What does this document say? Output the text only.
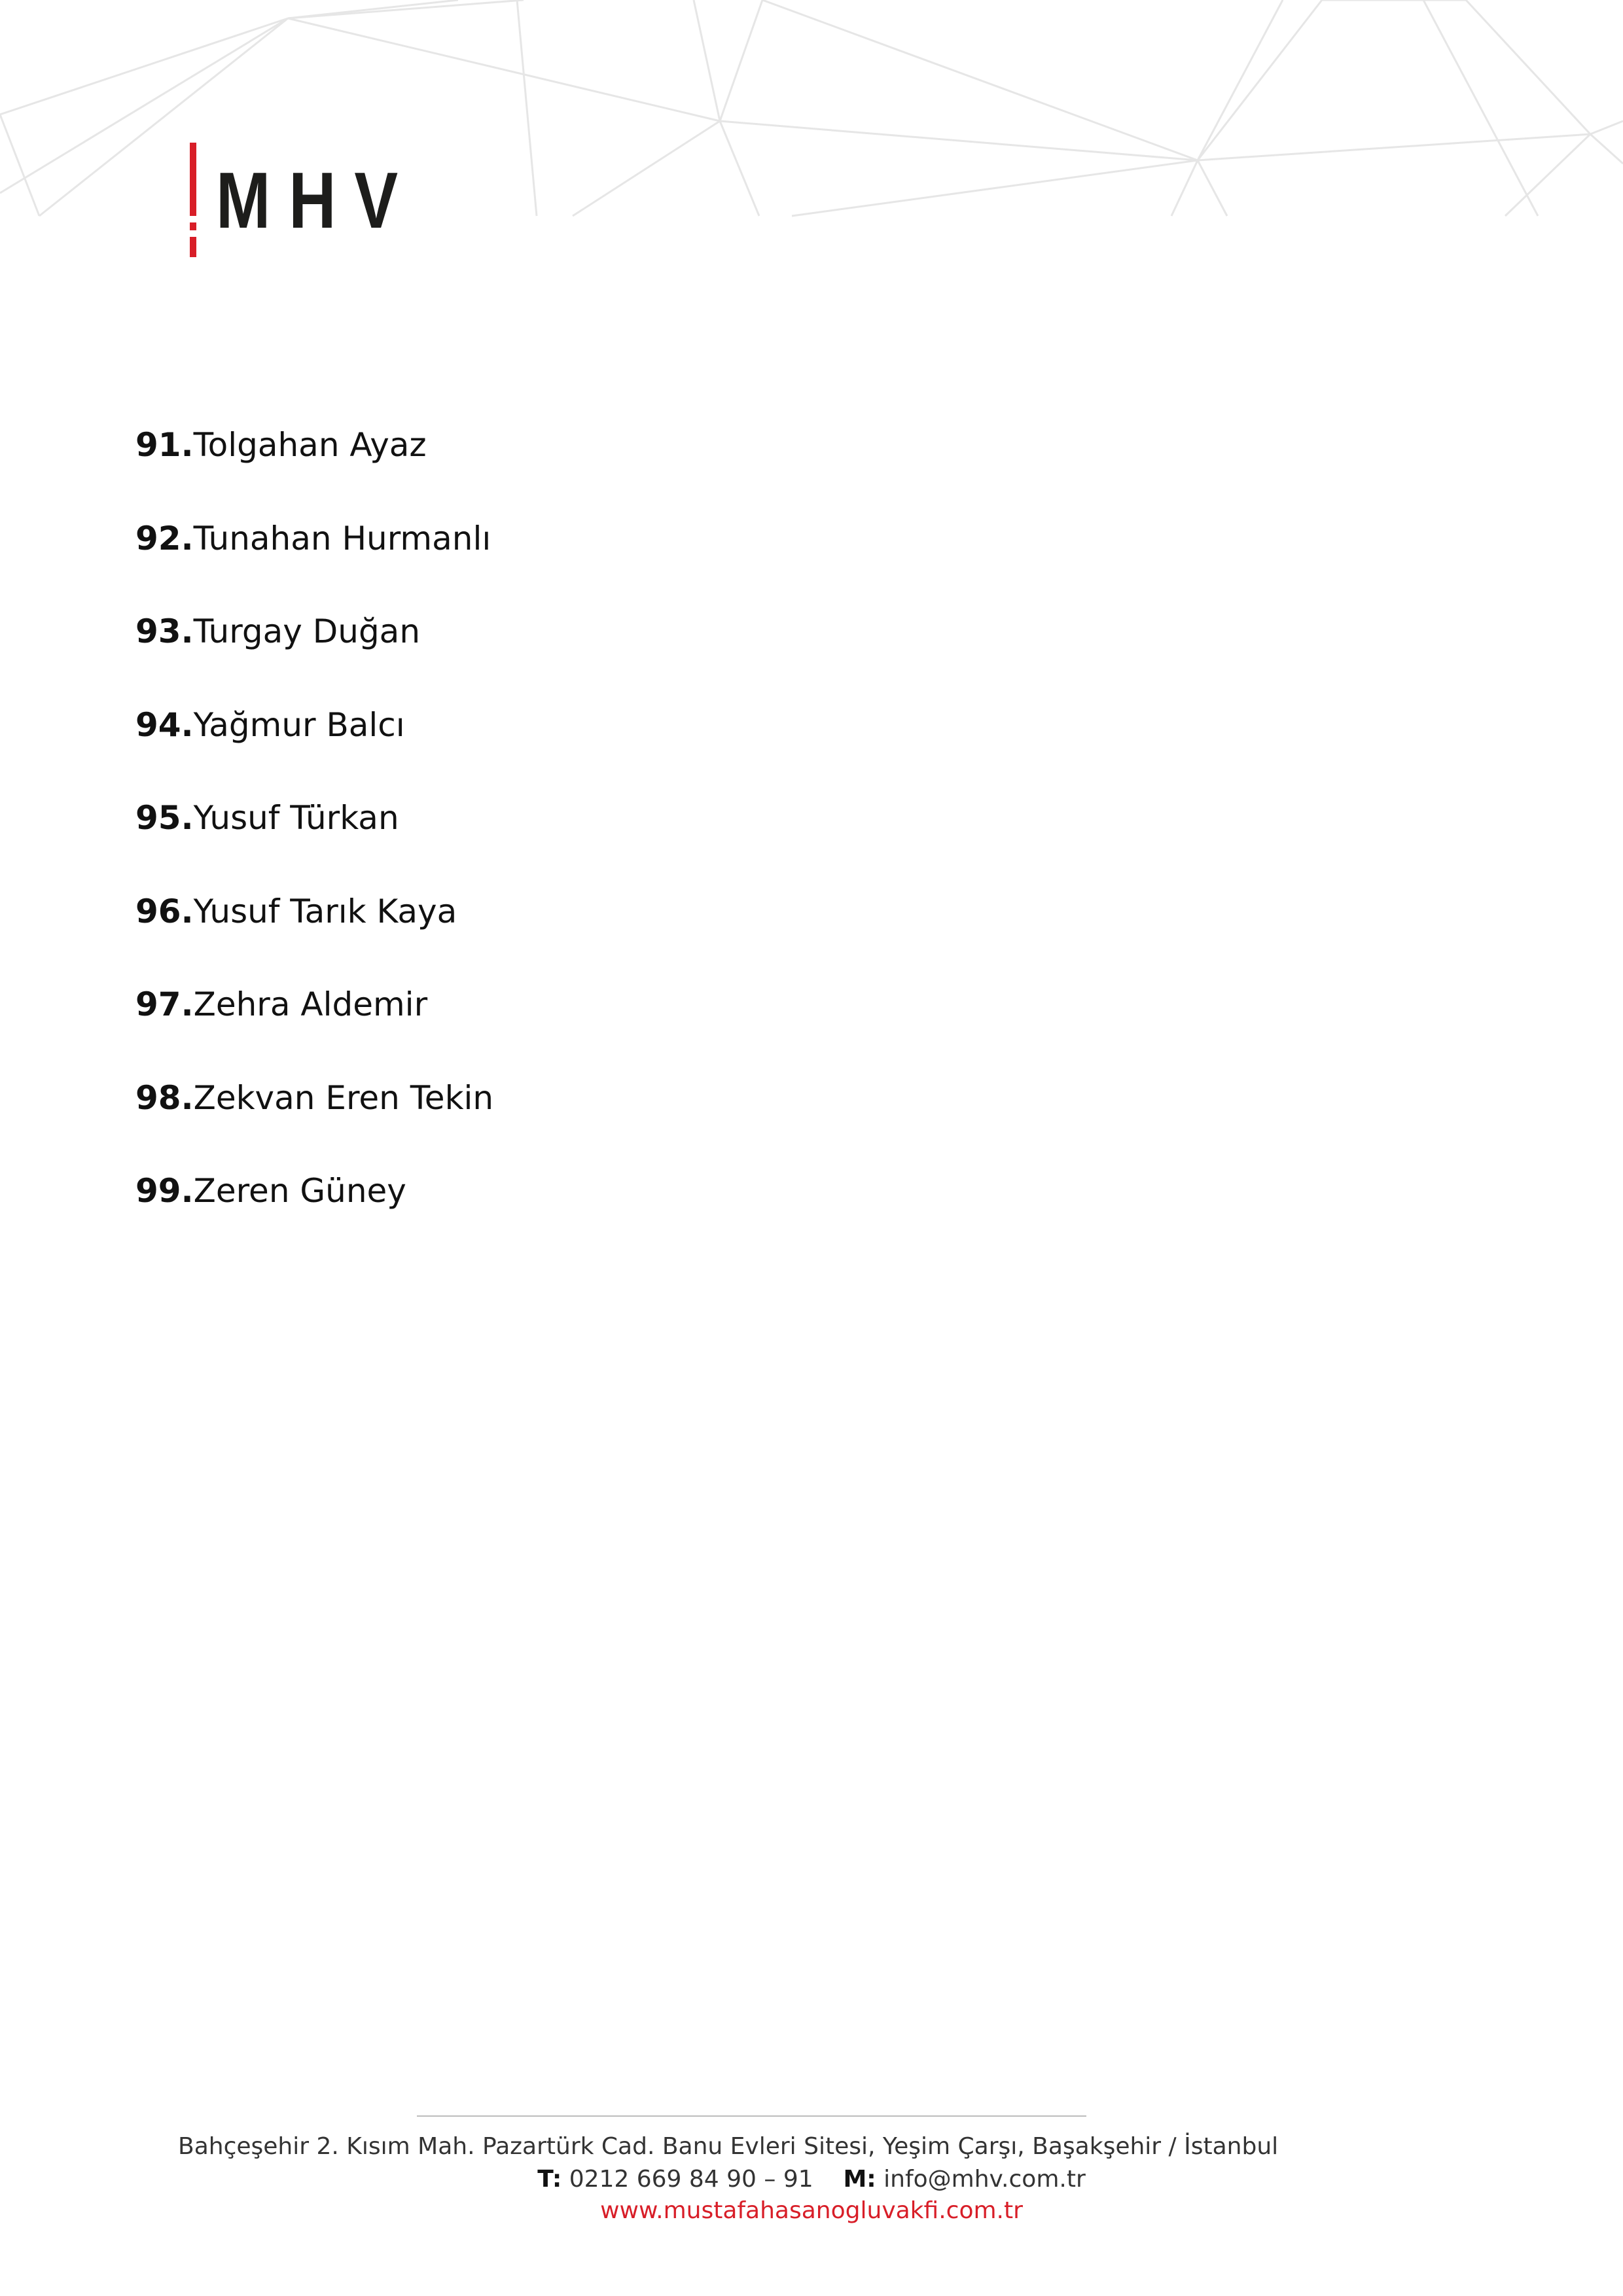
MHV
91.Tolgahan Ayaz
92.Tunahan Hurmanlı
93.Turgay Duğan
94.Yağmur Balcı
95.Yusuf Türkan
96.Yusuf Tarık Kaya
97.Zehra Aldemir
98.Zekvan Eren Tekin
99.Zeren Güney
Bahçeşehir 2. Kısım Mah. Pazartürk Cad. Banu Evleri Sitesi, Yeşim Çarşı, Başakşehir / İstanbul
T: 0212 669 84 90 – 91 M: info@mhv.com.tr
www.mustafahasanogluvakfi.com.tr
